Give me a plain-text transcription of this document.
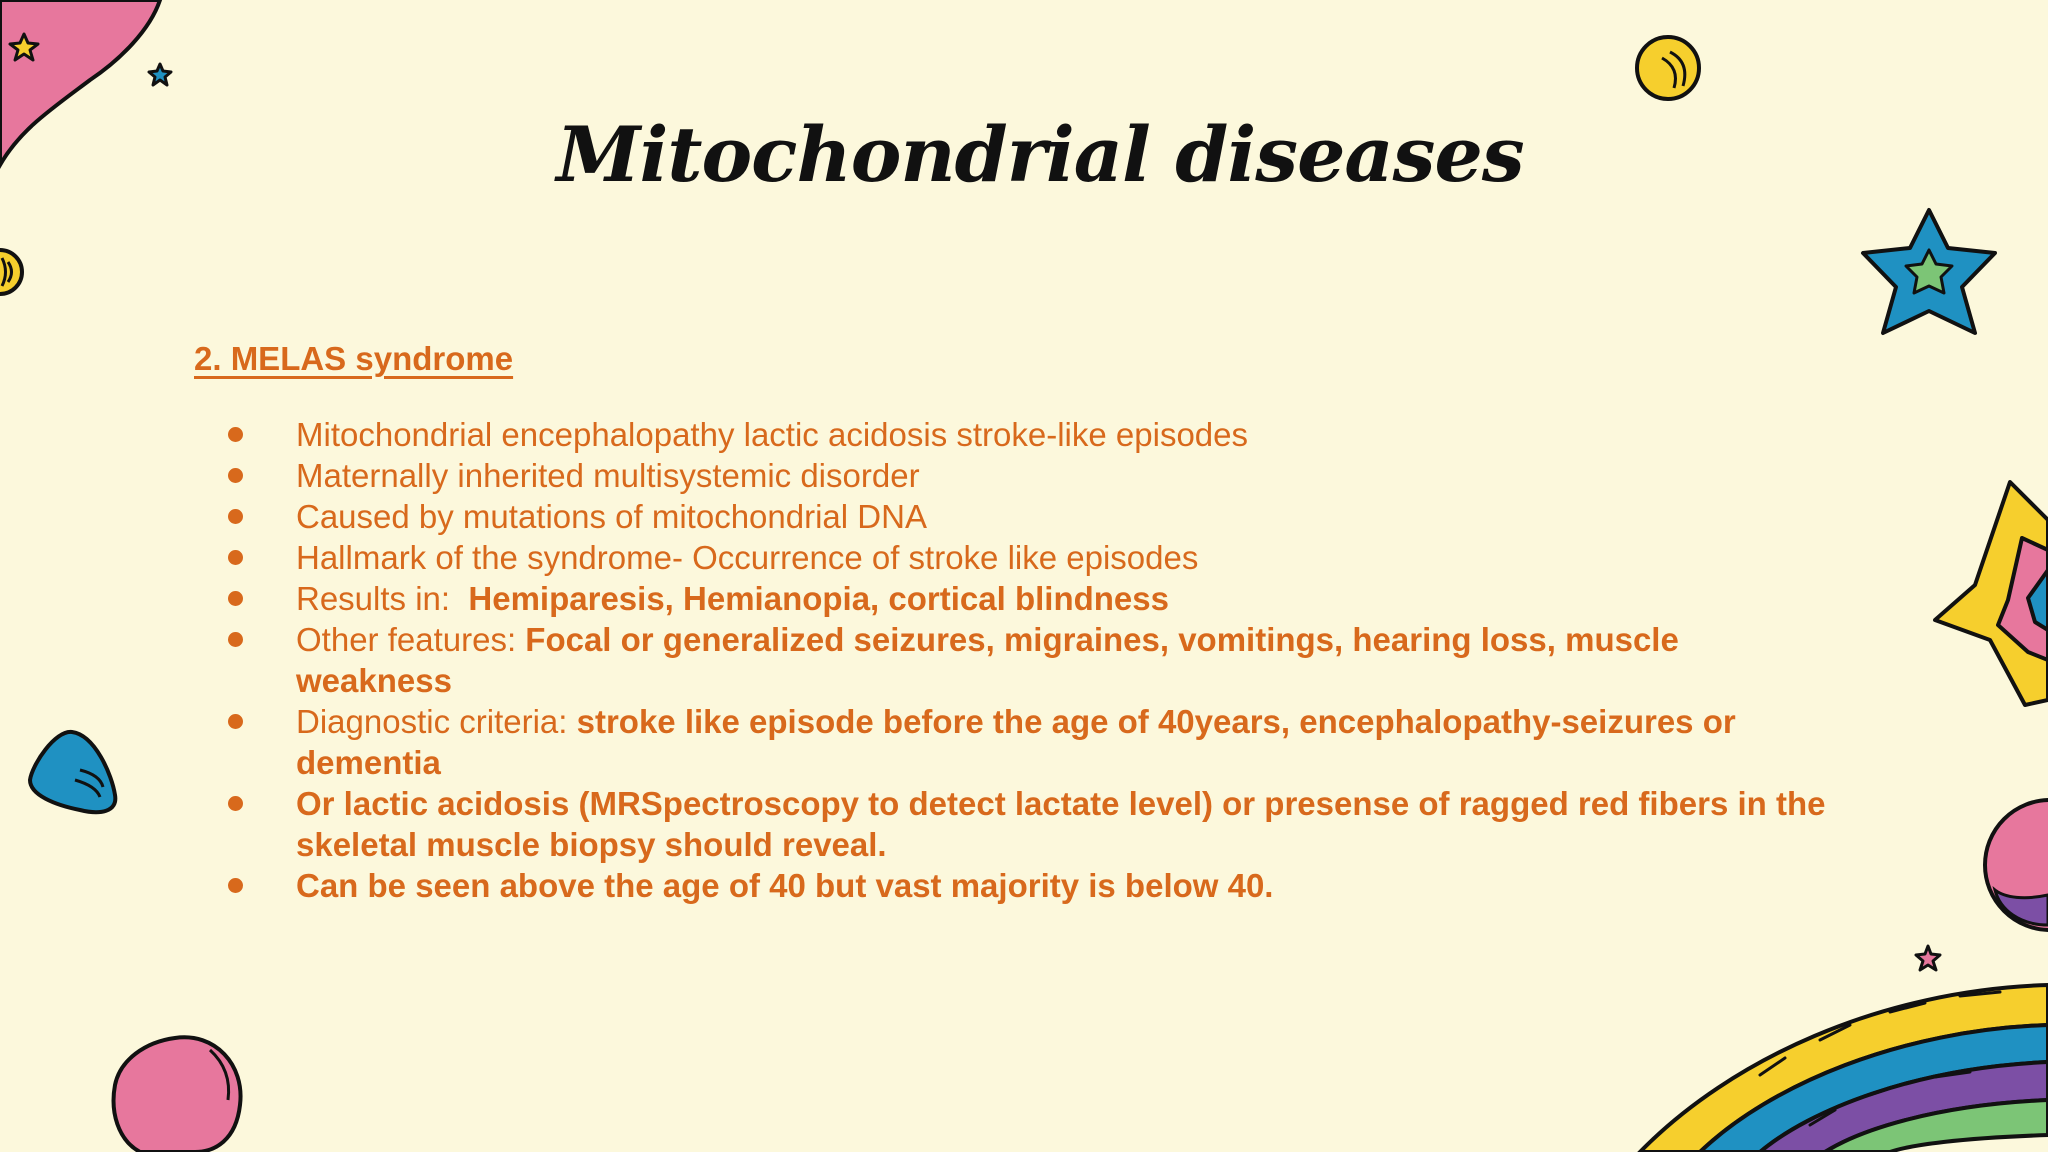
Mitochondrial diseases
2. MELAS syndrome
Mitochondrial encephalopathy lactic acidosis stroke-like episodes
Maternally inherited multisystemic disorder
Caused by mutations of mitochondrial DNA
Hallmark of the syndrome- Occurrence of stroke like episodes
Results in:  Hemiparesis, Hemianopia, cortical blindness
Other features: Focal or generalized seizures, migraines, vomitings, hearing loss, muscle weakness
Diagnostic criteria: stroke like episode before the age of 40years, encephalopathy-seizures or dementia
Or lactic acidosis (MRSpectroscopy to detect lactate level) or presense of ragged red fibers in the skeletal muscle biopsy should reveal.
Can be seen above the age of 40 but vast majority is below 40.
